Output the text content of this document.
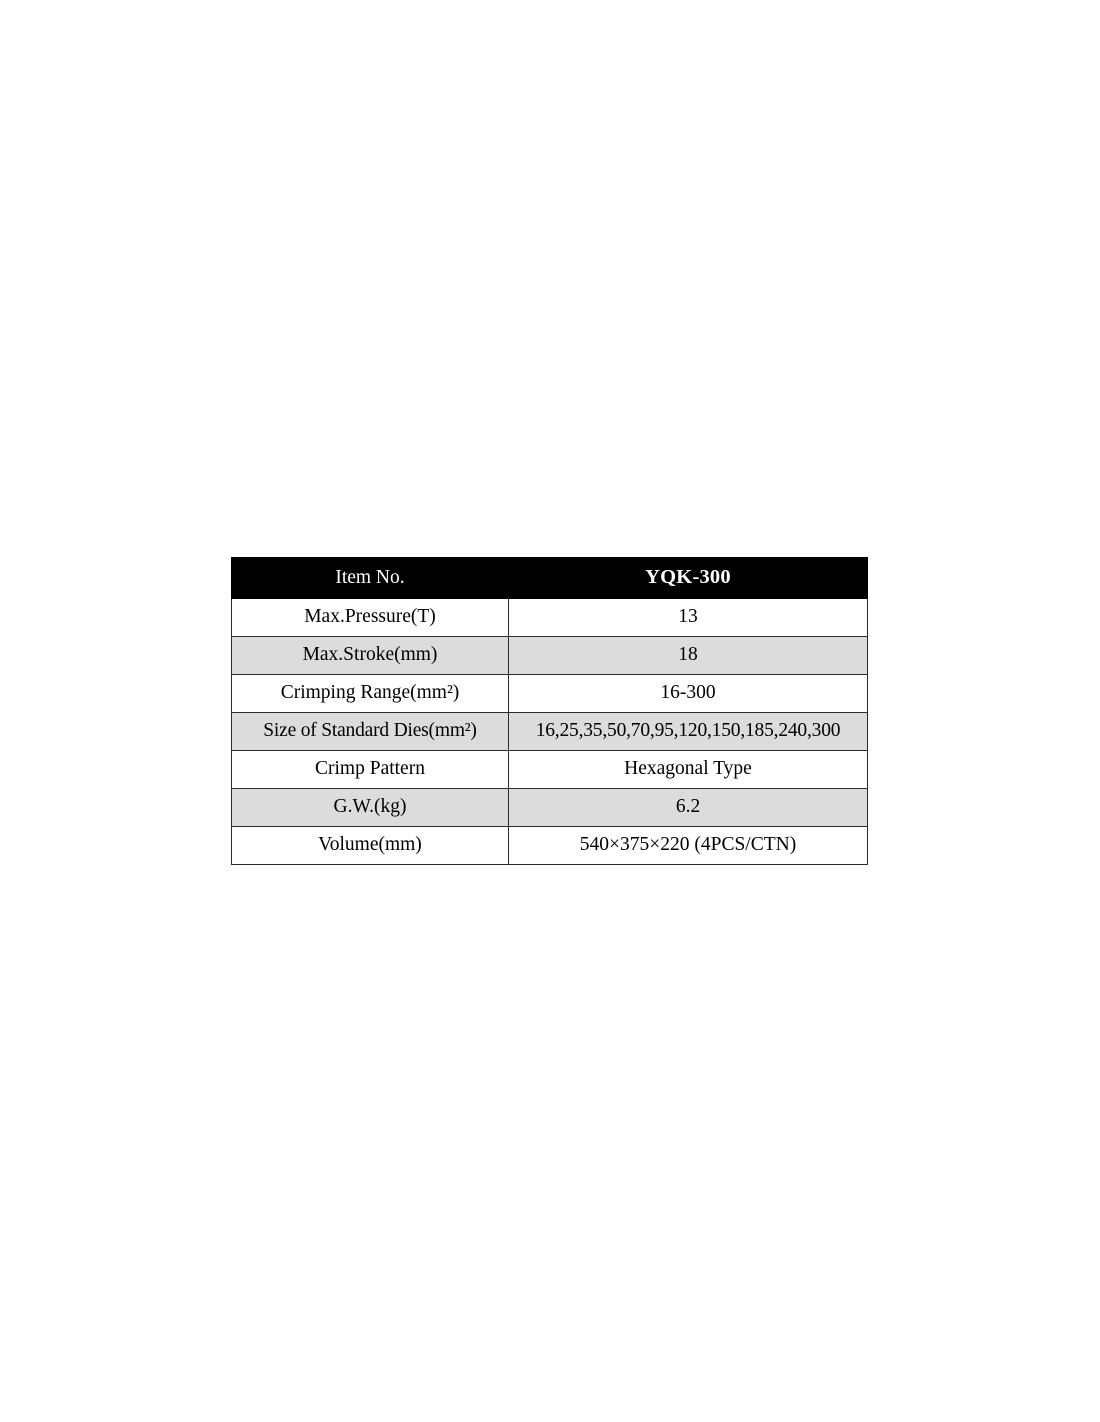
Item No.	YQK-300
Max.Pressure(T)	13
Max.Stroke(mm)	18
Crimping Range(mm²)	16-300
Size of Standard Dies(mm²)	16,25,35,50,70,95,120,150,185,240,300
Crimp Pattern	Hexagonal Type
G.W.(kg)	6.2
Volume(mm)	540×375×220 (4PCS/CTN)
